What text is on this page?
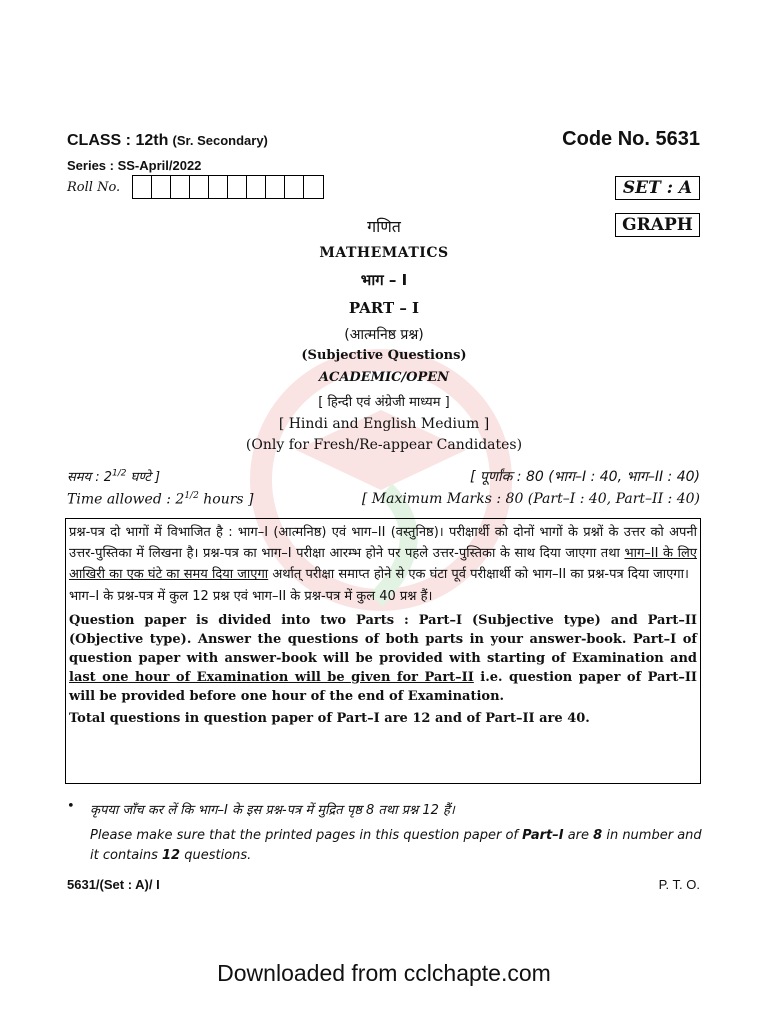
CLASS : 12th (Sr. Secondary)	Code No. 5631
Series : SS-April/2022
Roll No.	SET : A
GRAPH
गणित
MATHEMATICS
भाग – I
PART – I
(आत्मनिष्ठ प्रश्न)
(Subjective Questions)
ACADEMIC/OPEN
[ हिन्दी एवं अंग्रेजी माध्यम ]
[ Hindi and English Medium ]
(Only for Fresh/Re-appear Candidates)
समय : $2^{1/2}$ घण्टे ]	[ पूर्णांक : 80 (भाग–I : 40, भाग–II : 40)
Time allowed : $2^{1/2}$ hours ]	[ Maximum Marks : 80 (Part–I : 40, Part–II : 40)

प्रश्न-पत्र दो भागों में विभाजित है : भाग–I (आत्मनिष्ठ) एवं भाग–II (वस्तुनिष्ठ)। परीक्षार्थी को दोनों भागों के प्रश्नों के उत्तर को अपनी उत्तर-पुस्तिका में लिखना है। प्रश्न-पत्र का भाग–I परीक्षा आरम्भ होने पर पहले उत्तर-पुस्तिका के साथ दिया जाएगा तथा भाग–II के लिए आखिरी का एक घंटे का समय दिया जाएगा अर्थात् परीक्षा समाप्त होने से एक घंटा पूर्व परीक्षार्थी को भाग–II का प्रश्न-पत्र दिया जाएगा।

भाग–I के प्रश्न-पत्र में कुल 12 प्रश्न एवं भाग–II के प्रश्न-पत्र में कुल 40 प्रश्न हैं।

Question paper is divided into two Parts : Part–I (Subjective type) and Part–II (Objective type). Answer the questions of both parts in your answer-book. Part–I of question paper with answer-book will be provided with starting of Examination and last one hour of Examination will be given for Part–II i.e. question paper of Part–II will be provided before one hour of the end of Examination.

Total questions in question paper of Part–I are 12 and of Part–II are 40.

• कृपया जाँच कर लें कि भाग–I के इस प्रश्न-पत्र में मुद्रित पृष्ठ 8 तथा प्रश्न 12 हैं।
Please make sure that the printed pages in this question paper of Part–I are 8 in number and it contains 12 questions.
5631/(Set : A)/ I	P. T. O.
Downloaded from cclchapte.com
